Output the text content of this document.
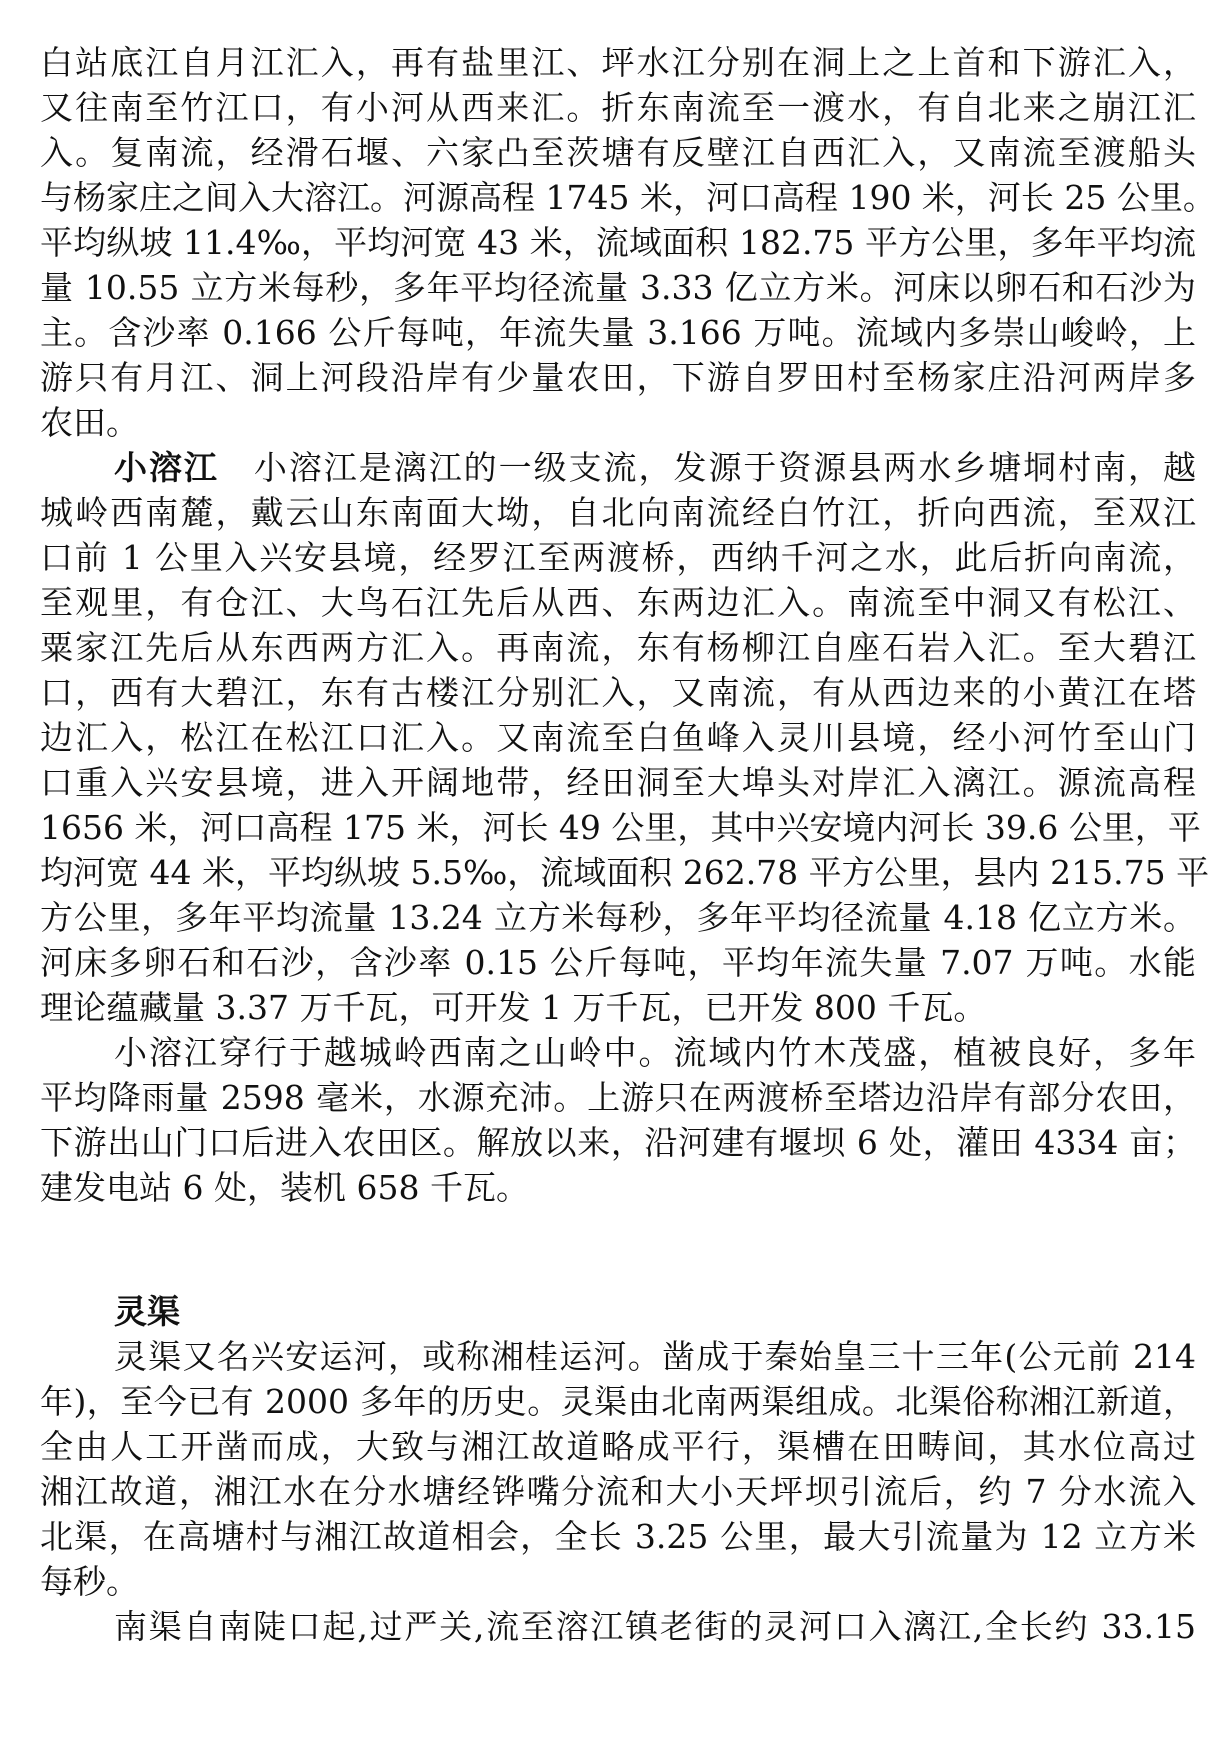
白站底江自月江汇入，再有盐里江、坪水江分别在洞上之上首和下游汇入，
又往南至竹江口，有小河从西来汇。折东南流至一渡水，有自北来之崩江汇
入。复南流，经滑石堰、六家凸至茨塘有反壁江自西汇入，又南流至渡船头
与杨家庄之间入大溶江。河源高程 1745 米，河口高程 190 米，河长 25 公里。
平均纵坡 11.4‰，平均河宽 43 米，流域面积 182.75 平方公里，多年平均流
量 10.55 立方米每秒，多年平均径流量 3.33 亿立方米。河床以卵石和石沙为
主。含沙率 0.166 公斤每吨，年流失量 3.166 万吨。流域内多崇山峻岭，上
游只有月江、洞上河段沿岸有少量农田，下游自罗田村至杨家庄沿河两岸多
农田。
小溶江　 小溶江是漓江的一级支流，发源于资源县两水乡塘垌村南，越
城岭西南麓，戴云山东南面大坳，自北向南流经白竹江，折向西流，至双江
口前 1 公里入兴安县境，经罗江至两渡桥，西纳千河之水，此后折向南流，
至观里，有仓江、大鸟石江先后从西、东两边汇入。南流至中洞又有松江、
粟家江先后从东西两方汇入。再南流，东有杨柳江自座石岩入汇。至大碧江
口，西有大碧江，东有古楼江分别汇入，又南流，有从西边来的小黄江在塔
边汇入，松江在松江口汇入。又南流至白鱼峰入灵川县境，经小河竹至山门
口重入兴安县境，进入开阔地带，经田洞至大埠头对岸汇入漓江。源流高程
1656 米，河口高程 175 米，河长 49 公里，其中兴安境内河长 39.6 公里，平
均河宽 44 米，平均纵坡 5.5‰，流域面积 262.78 平方公里，县内 215.75 平
方公里，多年平均流量 13.24 立方米每秒，多年平均径流量 4.18 亿立方米。
河床多卵石和石沙，含沙率 0.15 公斤每吨，平均年流失量 7.07 万吨。水能
理论蕴藏量 3.37 万千瓦，可开发 1 万千瓦，已开发 800 千瓦。
小溶江穿行于越城岭西南之山岭中。流域内竹木茂盛，植被良好，多年
平均降雨量 2598 毫米，水源充沛。上游只在两渡桥至塔边沿岸有部分农田，
下游出山门口后进入农田区。解放以来，沿河建有堰坝 6 处，灌田 4334 亩；
建发电站 6 处，装机 658 千瓦。
灵渠
灵渠又名兴安运河，或称湘桂运河。凿成于秦始皇三十三年(公元前 214
年)，至今已有 2000 多年的历史。灵渠由北南两渠组成。北渠俗称湘江新道，
全由人工开凿而成，大致与湘江故道略成平行，渠槽在田畴间，其水位高过
湘江故道，湘江水在分水塘经铧嘴分流和大小天坪坝引流后，约 7 分水流入
北渠，在高塘村与湘江故道相会，全长 3.25 公里，最大引流量为 12 立方米
每秒。
南渠自南陡口起,过严关,流至溶江镇老街的灵河口入漓江,全长约 33.15
